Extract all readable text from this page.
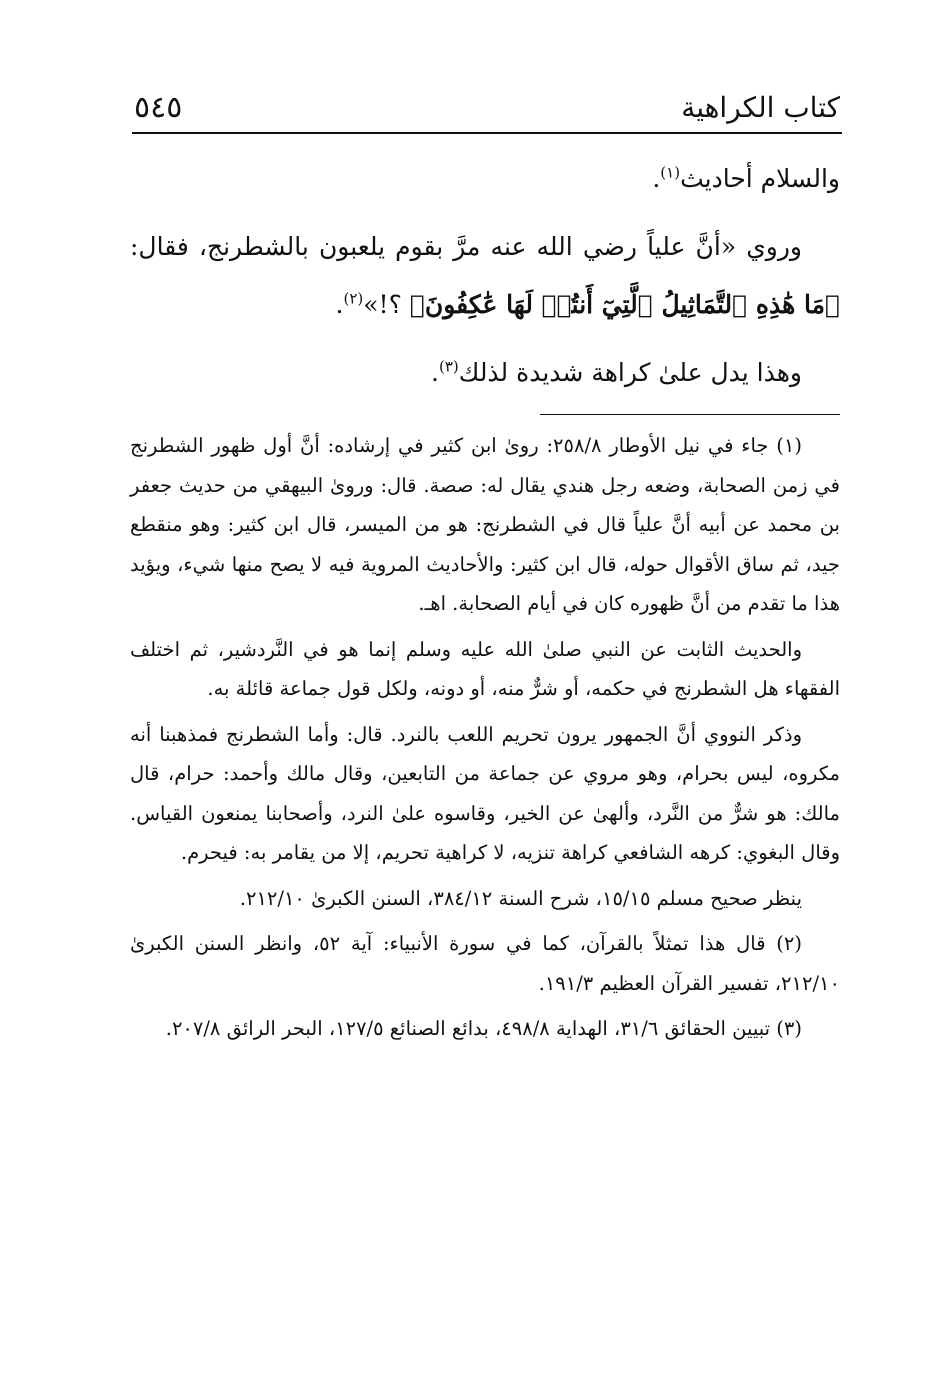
٥٤٥	كتاب الكراهية

والسلام أحاديث$^{(١)}$.

وروي «أنَّ علياً رضي الله عنه مرَّ بقوم يلعبون بالشطرنج، فقال: ﴿مَا هَٰذِهِ ٱلتَّمَاثِيلُ ٱلَّتِيٓ أَنتُمۡ لَهَا عَٰكِفُونَ﴾ ؟!»$^{(٢)}$.

وهذا يدل علىٰ كراهة شديدة لذلك$^{(٣)}$.

(١) جاء في نيل الأوطار ٢٥٨/٨: روىٰ ابن كثير في إرشاده: أنَّ أول ظهور الشطرنج في زمن الصحابة، وضعه رجل هندي يقال له: صصة. قال: وروىٰ البيهقي من حديث جعفر بن محمد عن أبيه أنَّ علياً قال في الشطرنج: هو من الميسر، قال ابن كثير: وهو منقطع جيد، ثم ساق الأقوال حوله، قال ابن كثير: والأحاديث المروية فيه لا يصح منها شيء، ويؤيد هذا ما تقدم من أنَّ ظهوره كان في أيام الصحابة. اهـ.

والحديث الثابت عن النبي صلىٰ الله عليه وسلم إنما هو في النَّردشير، ثم اختلف الفقهاء هل الشطرنج في حكمه، أو شرٌّ منه، أو دونه، ولكل قول جماعة قائلة به.

وذكر النووي أنَّ الجمهور يرون تحريم اللعب بالنرد. قال: وأما الشطرنج فمذهبنا أنه مكروه، ليس بحرام، وهو مروي عن جماعة من التابعين، وقال مالك وأحمد: حرام، قال مالك: هو شرٌّ من النَّرد، وألهىٰ عن الخير، وقاسوه علىٰ النرد، وأصحابنا يمنعون القياس. وقال البغوي: كرهه الشافعي كراهة تنزيه، لا كراهية تحريم، إلا من يقامر به: فيحرم.

ينظر صحيح مسلم ١٥/١٥، شرح السنة ٣٨٤/١٢، السنن الكبرىٰ ٢١٢/١٠.

(٢) قال هذا تمثلاً بالقرآن، كما في سورة الأنبياء: آية ٥٢، وانظر السنن الكبرىٰ ٢١٢/١٠، تفسير القرآن العظيم ١٩١/٣.

(٣) تبيين الحقائق ٣١/٦، الهداية ٤٩٨/٨، بدائع الصنائع ١٢٧/٥، البحر الرائق ٢٠٧/٨.
